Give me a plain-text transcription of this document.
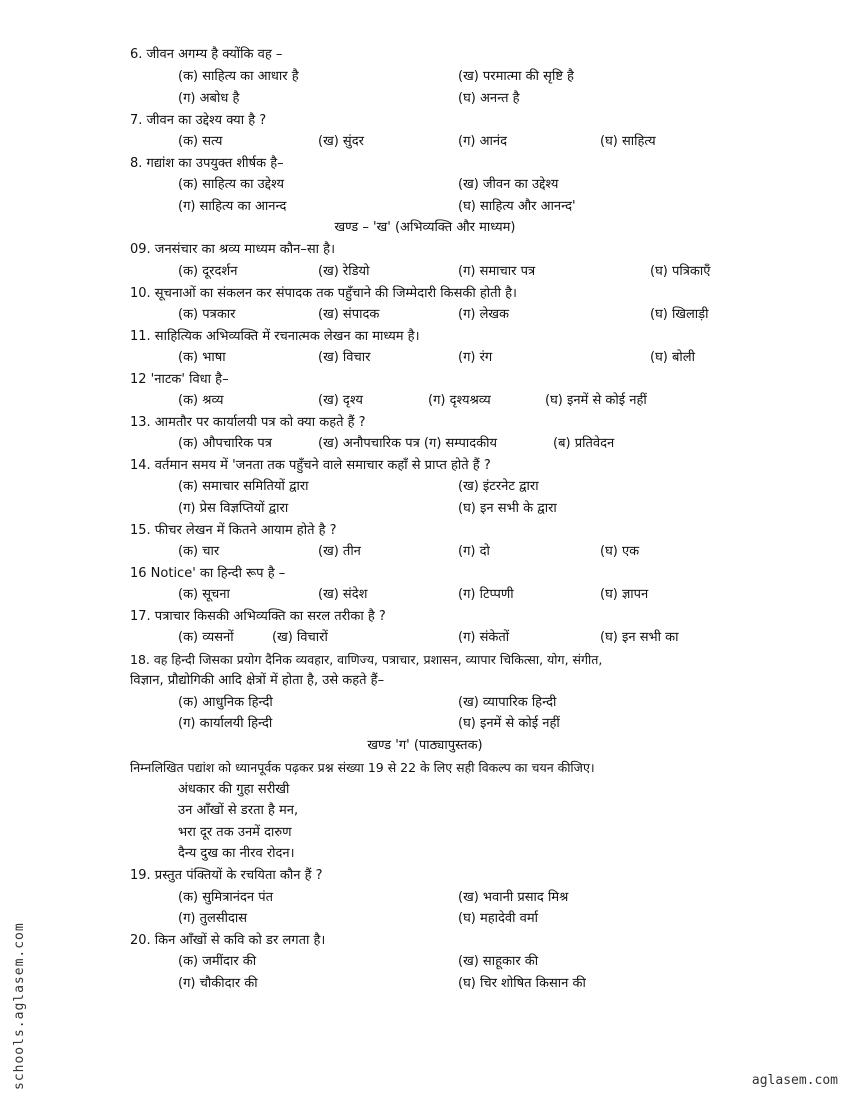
6. जीवन अगम्य है क्योंकि वह –
(क) साहित्य का आधार है	(ख) परमात्मा की सृष्टि है
(ग) अबोध है	(घ) अनन्त है
7. जीवन का उद्देश्य क्या है ?
(क) सत्य	(ख) सुंदर	(ग) आनंद	(घ) साहित्य
8. गद्यांश का उपयुक्त शीर्षक है–
(क) साहित्य का उद्देश्य	(ख) जीवन का उद्देश्य
(ग) साहित्य का आनन्द	(घ) साहित्य और आनन्द'
खण्ड – 'ख' (अभिव्यक्ति और माध्यम)
09. जनसंचार का श्रव्य माध्यम कौन–सा है।
(क) दूरदर्शन	(ख) रेडियो	(ग) समाचार पत्र	(घ) पत्रिकाएँ
10. सूचनाओं का संकलन कर संपादक तक पहुँचाने की जिम्मेदारी किसकी होती है।
(क) पत्रकार	(ख) संपादक	(ग) लेखक	(घ) खिलाड़ी
11. साहित्यिक अभिव्यक्ति में रचनात्मक लेखन का माध्यम है।
(क) भाषा	(ख) विचार	(ग) रंग	(घ) बोली
12 'नाटक' विधा है–
(क) श्रव्य	(ख) दृश्य	(ग) दृश्यश्रव्य	(घ) इनमें से कोई नहीं
13. आमतौर पर कार्यालयी पत्र को क्या कहते हैं ?
(क) औपचारिक पत्र	(ख) अनौपचारिक पत्र (ग) सम्पादकीय	(ब) प्रतिवेदन
14. वर्तमान समय में 'जनता तक पहुँचने वाले समाचार कहाँ से प्राप्त होते हैं ?
(क) समाचार समितियों द्वारा	(ख) इंटरनेट द्वारा
(ग) प्रेस विज्ञप्तियों द्वारा	(घ) इन सभी के द्वारा
15. फीचर लेखन में कितने आयाम होते है ?
(क) चार	(ख) तीन	(ग) दो	(घ) एक
16 Notice' का हिन्दी रूप है –
(क) सूचना	(ख) संदेश	(ग) टिप्पणी	(घ) ज्ञापन
17. पत्राचार किसकी अभिव्यक्ति का सरल तरीका है ?
(क) व्यसनों	(ख) विचारों	(ग) संकेतों	(घ) इन सभी का
18. वह हिन्दी जिसका प्रयोग दैनिक व्यवहार, वाणिज्य, पत्राचार, प्रशासन, व्यापार चिकित्सा, योग, संगीत,
विज्ञान, प्रौद्योगिकी आदि क्षेत्रों में होता है, उसे कहते हैं–
(क) आधुनिक हिन्दी	(ख) व्यापारिक हिन्दी
(ग) कार्यालयी हिन्दी	(घ) इनमें से कोई नहीं
खण्ड 'ग' (पाठ्यापुस्तक)
निम्नलिखित पद्यांश को ध्यानपूर्वक पढ़कर प्रश्न संख्या 19 से 22 के लिए सही विकल्प का चयन कीजिए।
अंधकार की गुहा सरीखी
उन आँखों से डरता है मन,
भरा दूर तक उनमें दारुण
दैन्य दुख का नीरव रोदन।
19. प्रस्तुत पंक्तियों के रचयिता कौन हैं ?
(क) सुमित्रानंदन पंत	(ख) भवानी प्रसाद मिश्र
(ग) तुलसीदास	(घ) महादेवी वर्मा
20. किन आँखों से कवि को डर लगता है।
(क) जमींदार की	(ख) साहूकार की
(ग) चौकीदार की	(घ) चिर शोषित किसान की
schools.aglasem.com	aglasem.com
